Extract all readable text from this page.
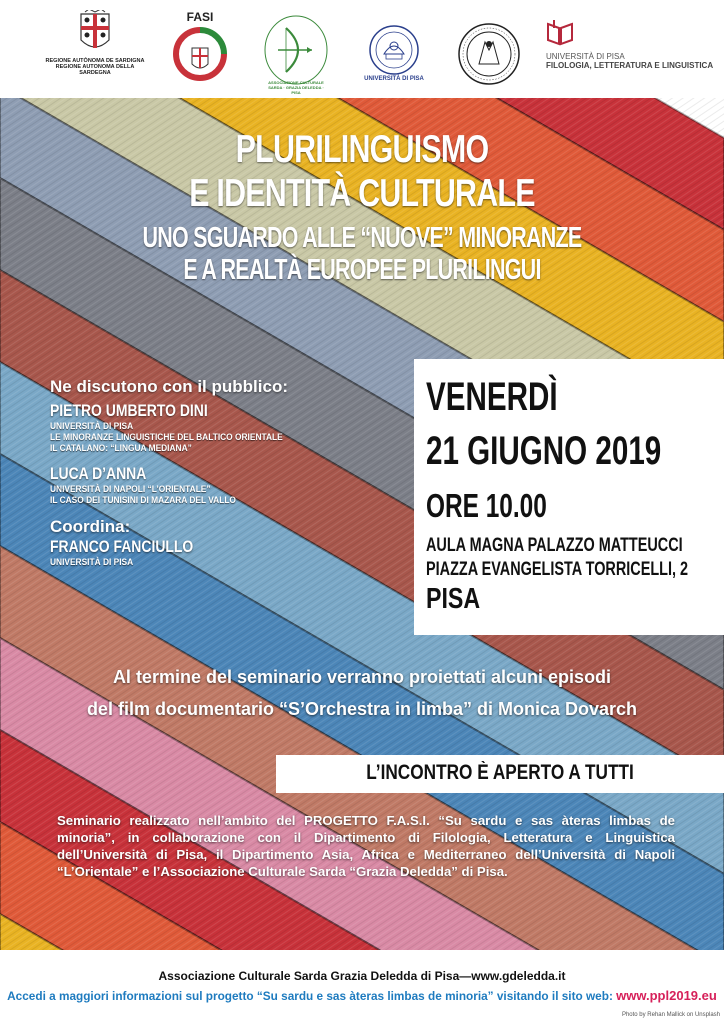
REGIONE AUTÒNOMA DE SARDIGNA
REGIONE AUTONOMA DELLA SARDEGNA
FASI
ASSOCIAZIONE CULTURALE SARDA · GRAZIA DELEDDA · PISA
UNIVERSITÀ DI PISA
UNIVERSITÀ DI PISA
FILOLOGIA, LETTERATURA E LINGUISTICA
PLURILINGUISMO
E IDENTITÀ CULTURALE
UNO SGUARDO ALLE “NUOVE” MINORANZE
E A REALTÀ EUROPEE PLURILINGUI
Ne discutono con il pubblico:
PIETRO UMBERTO DINI
UNIVERSITÀ DI PISA
LE MINORANZE LINGUISTICHE DEL BALTICO ORIENTALE
IL CATALANO: “LINGUA MEDIANA”
LUCA D’ANNA
UNIVERSITÀ DI NAPOLI “L’ORIENTALE”
IL CASO DEI TUNISINI DI MAZARA DEL VALLO
Coordina:
FRANCO FANCIULLO
UNIVERSITÀ DI PISA
VENERDÌ
21 GIUGNO 2019
ORE 10.00
AULA MAGNA PALAZZO MATTEUCCI
PIAZZA EVANGELISTA TORRICELLI, 2
PISA
Al termine del seminario verranno proiettati alcuni episodi
del film documentario “S’Orchestra in limba” di Monica Dovarch
L’INCONTRO È APERTO A TUTTI
Seminario realizzato nell’ambito del PROGETTO F.A.S.I. “Su sardu e sas àteras limbas de minoria”, in collaborazione con il Dipartimento di Filologia, Letteratura e Linguistica dell’Università di Pisa, il Dipartimento Asia, Africa e Mediterraneo dell’Università di Napoli “L’Orientale” e l’Associazione Culturale Sarda “Grazia Deledda” di Pisa.
Associazione Culturale Sarda Grazia Deledda di Pisa—www.gdeledda.it
Accedi a maggiori informazioni sul progetto “Su sardu e sas àteras limbas de minoria” visitando il sito web: www.ppl2019.eu
Photo by Rehan Mallick on Unsplash
